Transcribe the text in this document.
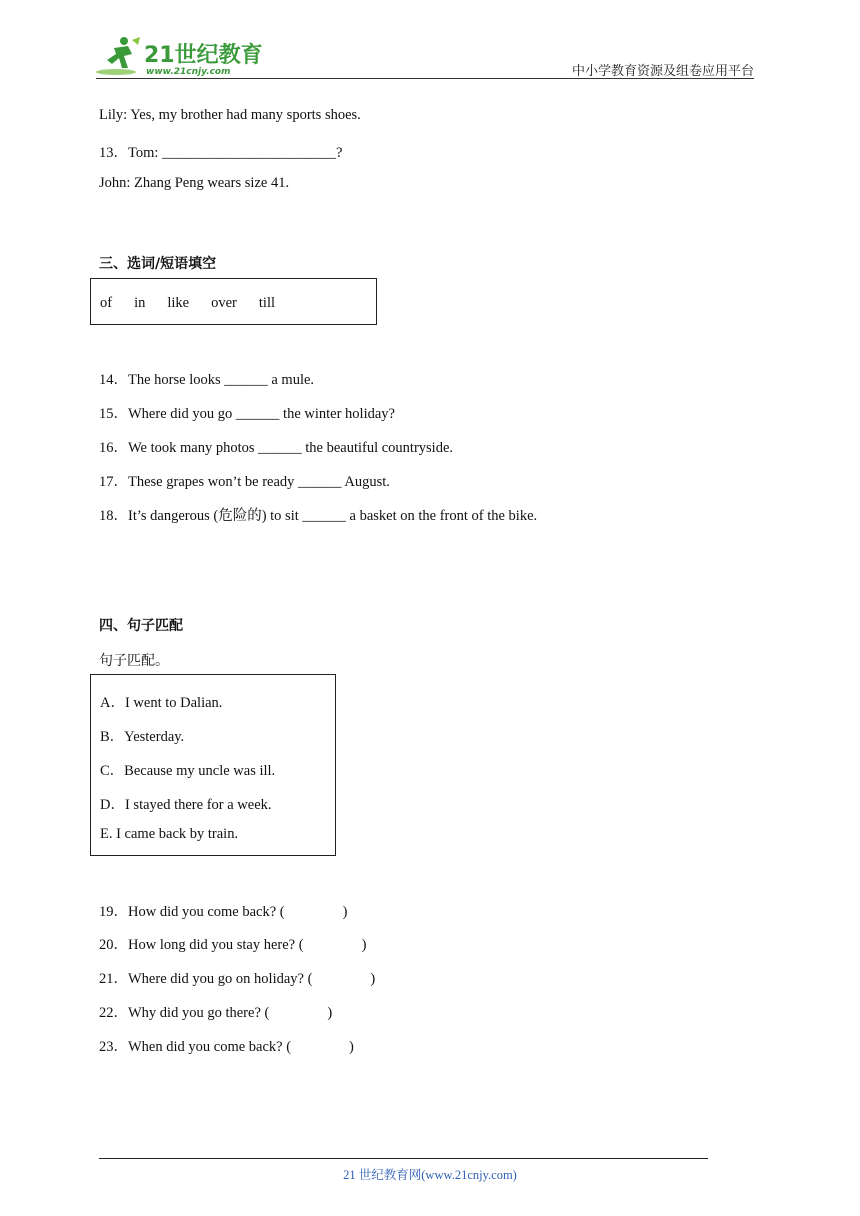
21世纪教育
www.21cnjy.com	中小学教育资源及组卷应用平台
Lily: Yes, my brother had many sports shoes.
13．Tom: ________________________?
John: Zhang Peng wears size 41.
三、选词/短语填空
of in like over till
14．The horse looks ______ a mule.
15．Where did you go ______ the winter holiday?
16．We took many photos ______ the beautiful countryside.
17．These grapes won’t be ready ______ August.
18．It’s dangerous (危险的) to sit ______ a basket on the front of the bike.
四、句子匹配
句子匹配。
A．I went to Dalian.
B．Yesterday.
C．Because my uncle was ill.
D．I stayed there for a week.
E. I came back by train.
19．How did you come back? (　　　　)
20．How long did you stay here? (　　　　)
21．Where did you go on holiday? (　　　　)
22．Why did you go there? (　　　　)
23．When did you come back? (　　　　)
21 世纪教育网(www.21cnjy.com)
